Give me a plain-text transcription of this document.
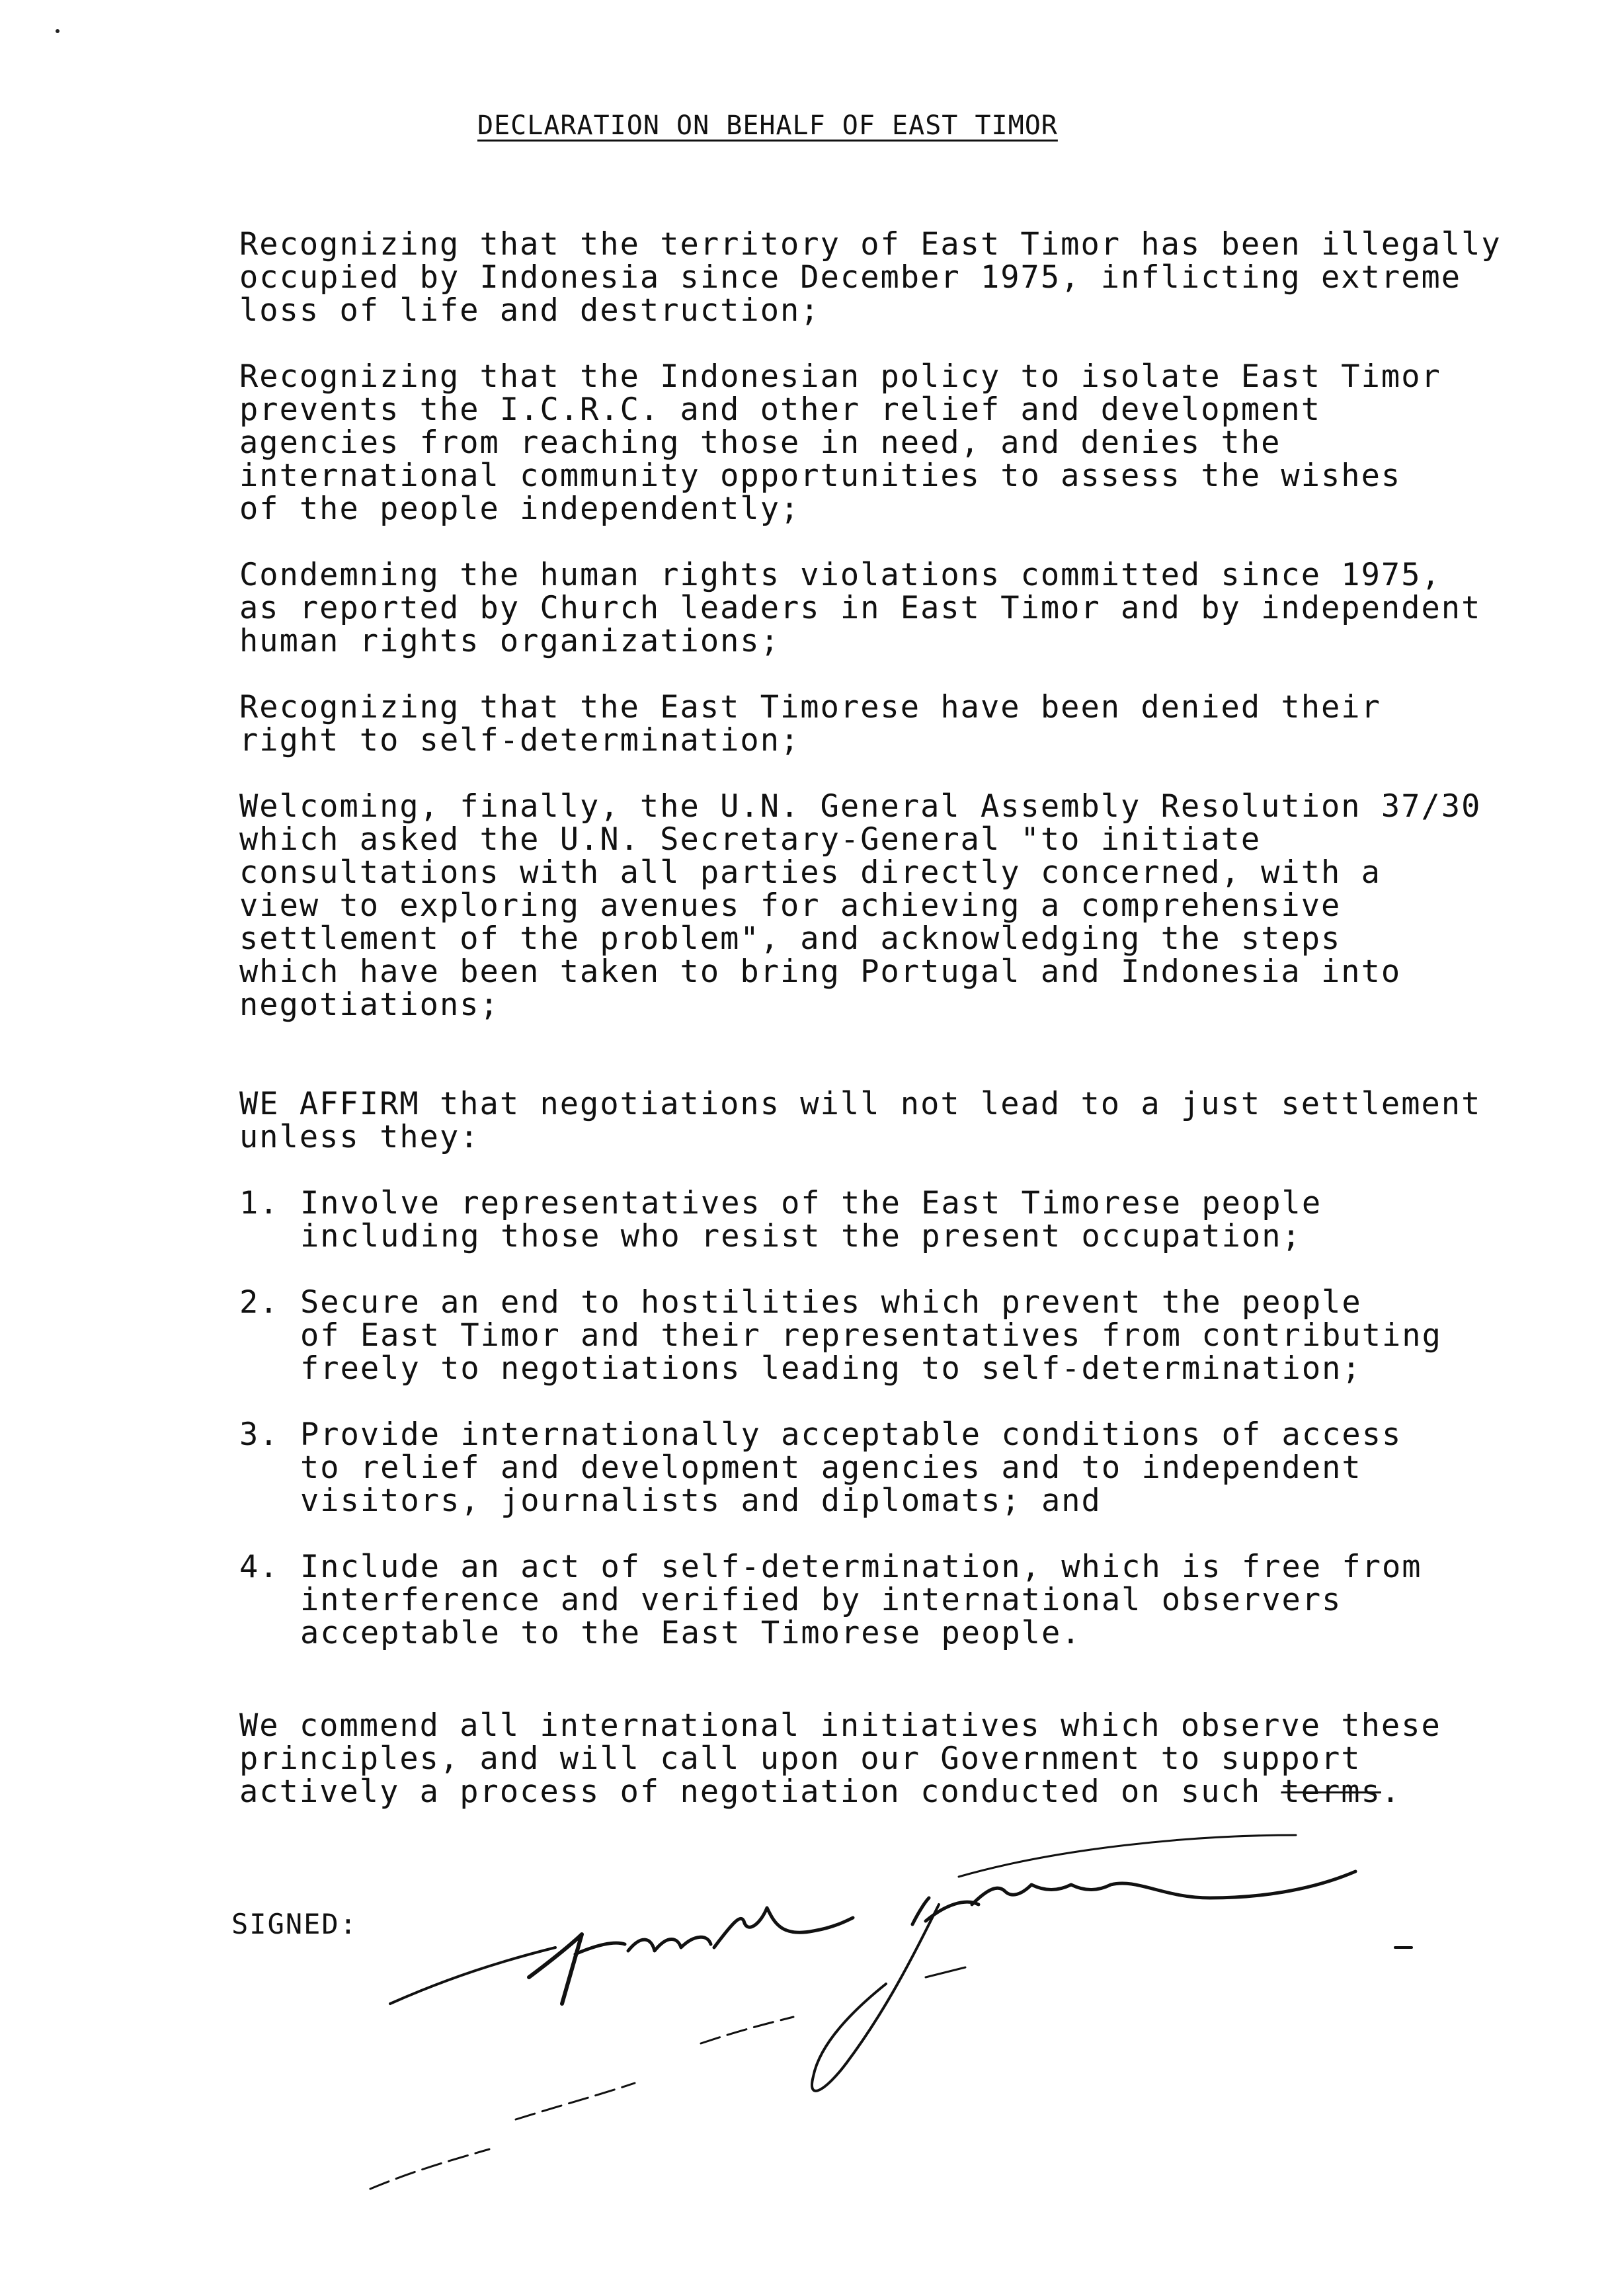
DECLARATION ON BEHALF OF EAST TIMOR
Recognizing that the territory of East Timor has been illegally
occupied by Indonesia since December 1975, inflicting extreme
loss of life and destruction;
Recognizing that the Indonesian policy to isolate East Timor
prevents the I.C.R.C. and other relief and development
agencies from reaching those in need, and denies the
international community opportunities to assess the wishes
of the people independently;
Condemning the human rights violations committed since 1975,
as reported by Church leaders in East Timor and by independent
human rights organizations;
Recognizing that the East Timorese have been denied their
right to self-determination;
Welcoming, finally, the U.N. General Assembly Resolution 37/30
which asked the U.N. Secretary-General "to initiate
consultations with all parties directly concerned, with a
view to exploring avenues for achieving a comprehensive
settlement of the problem", and acknowledging the steps
which have been taken to bring Portugal and Indonesia into
negotiations;
WE AFFIRM that negotiations will not lead to a just settlement
unless they:
1. Involve representatives of the East Timorese people
including those who resist the present occupation;
2. Secure an end to hostilities which prevent the people
of East Timor and their representatives from contributing
freely to negotiations leading to self-determination;
3. Provide internationally acceptable conditions of access
to relief and development agencies and to independent
visitors, journalists and diplomats; and
4. Include an act of self-determination, which is free from
interference and verified by international observers
acceptable to the East Timorese people.
We commend all international initiatives which observe these
principles, and will call upon our Government to support
actively a process of negotiation conducted on such terms.
SIGNED:
